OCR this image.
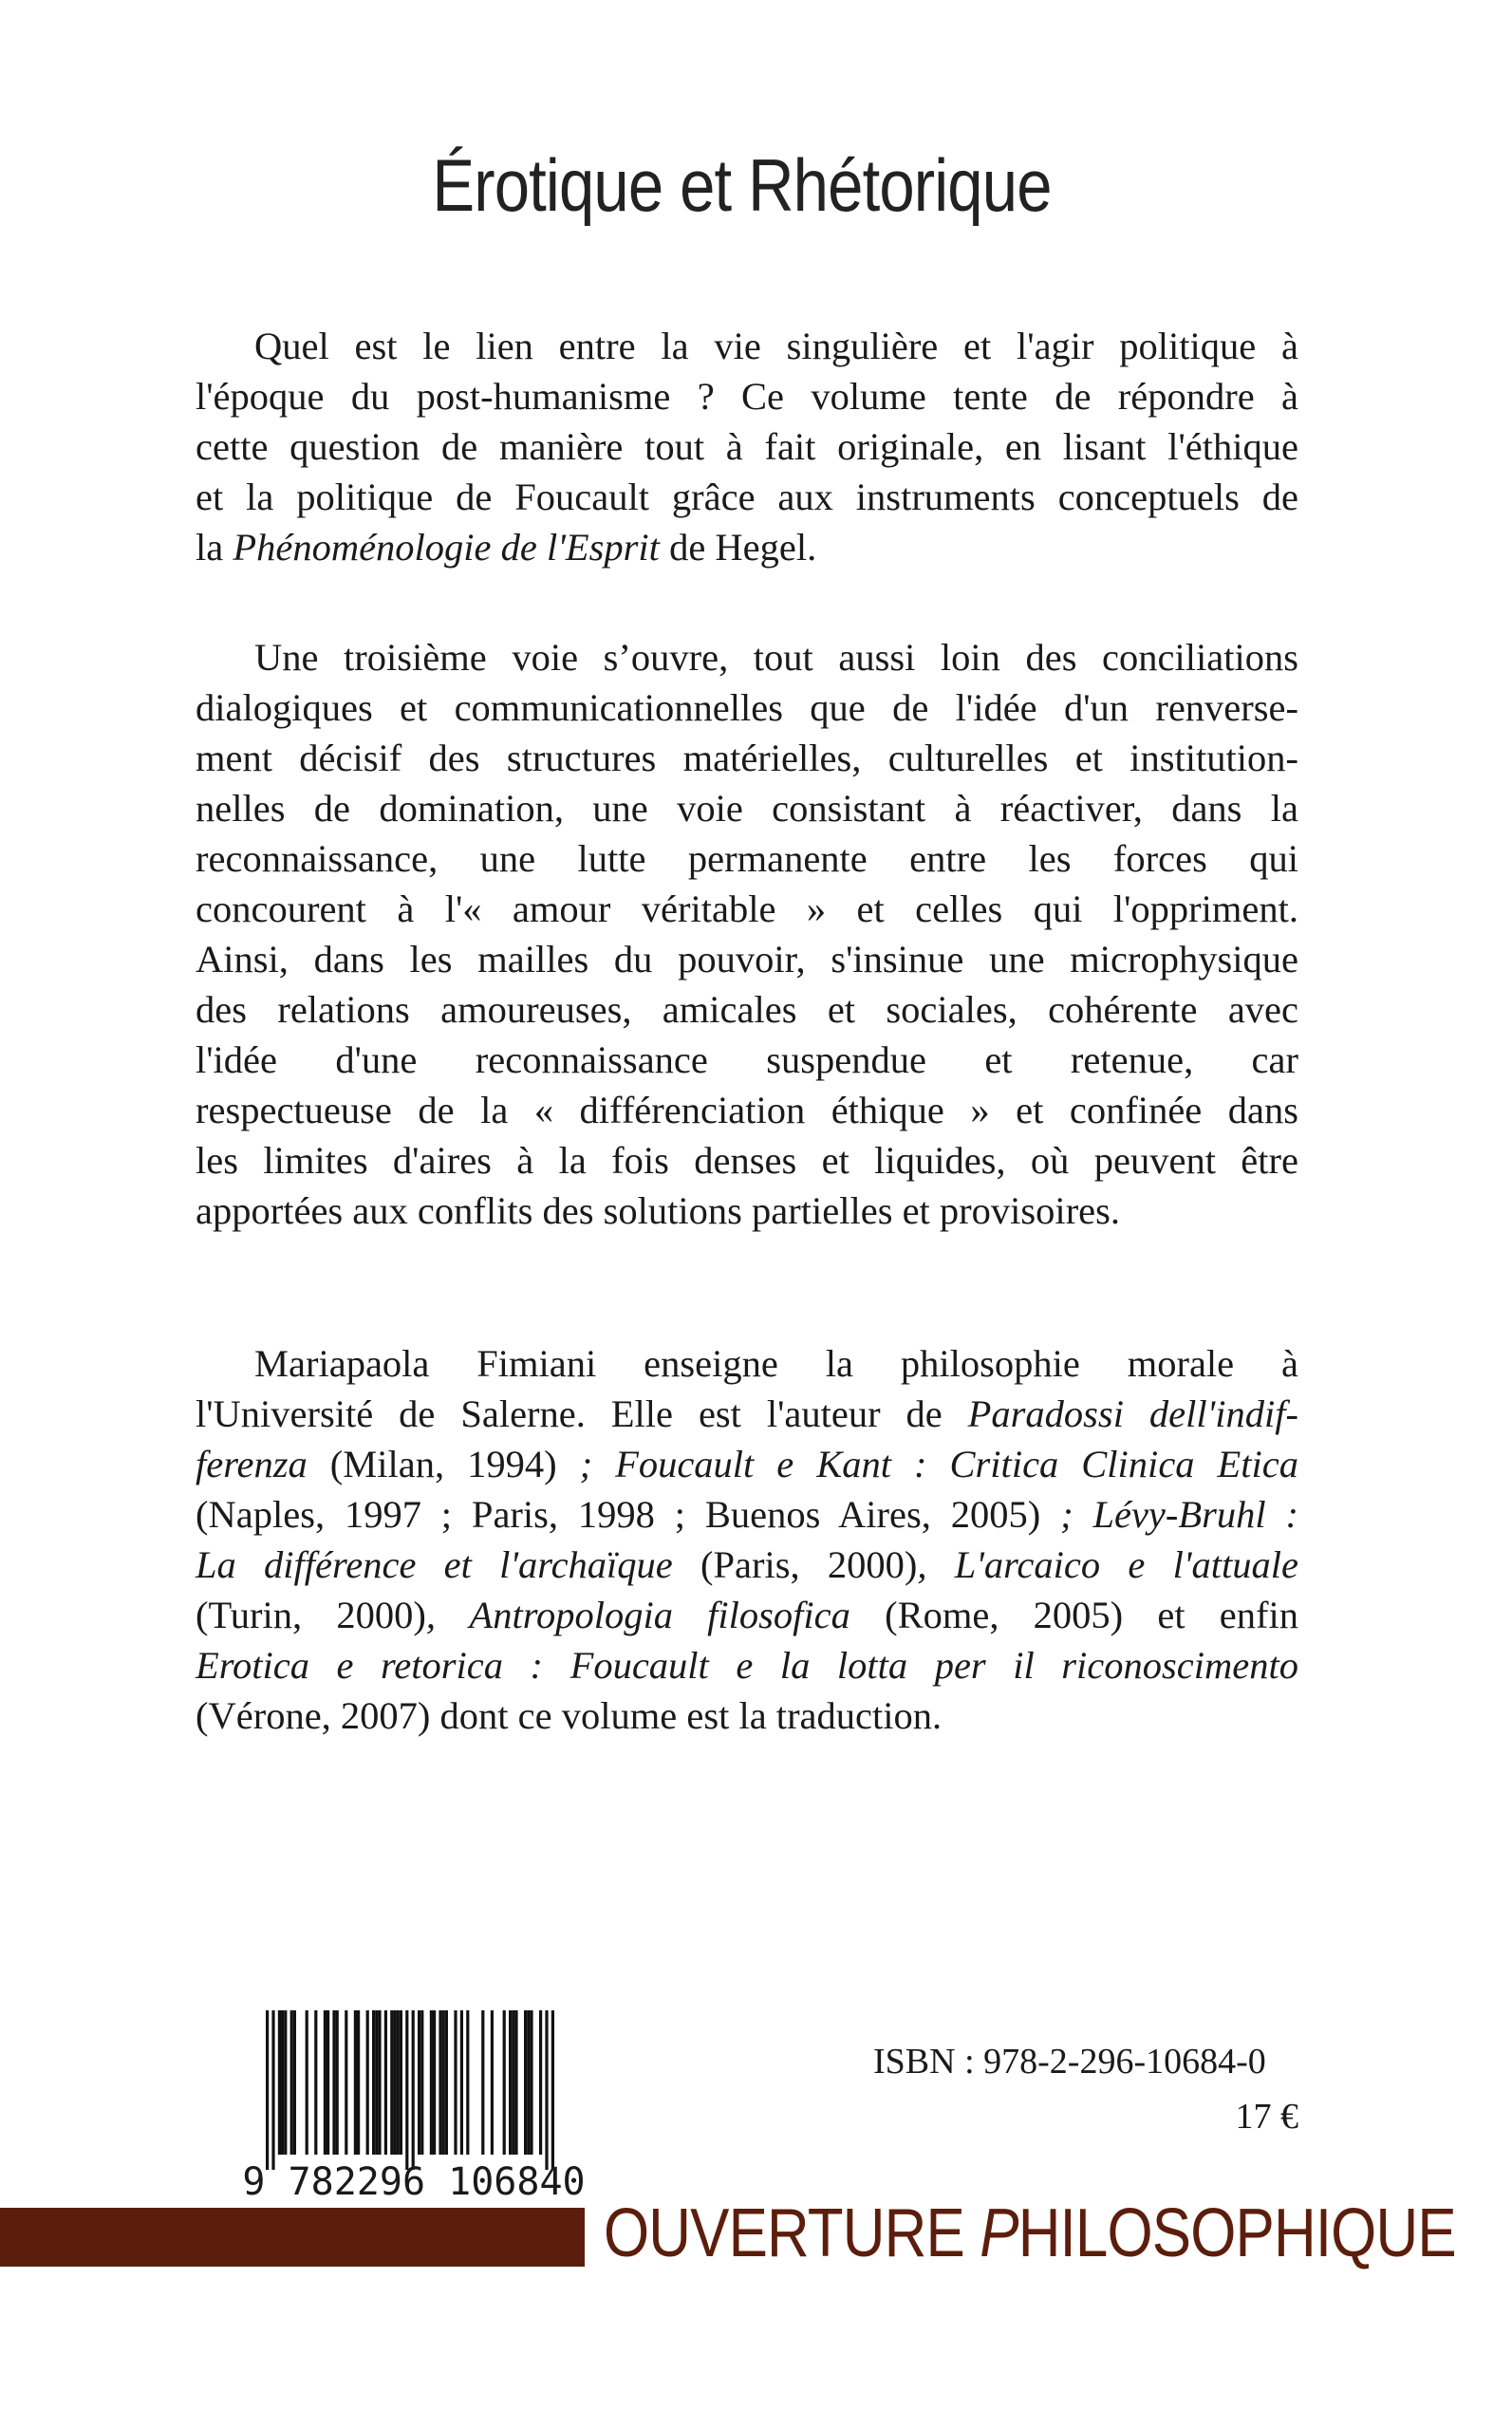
Érotique et Rhétorique
Quel est le lien entre la vie singulière et l'agir politique à
l'époque du post-humanisme ? Ce volume tente de répondre à
cette question de manière tout à fait originale, en lisant l'éthique
et la politique de Foucault grâce aux instruments conceptuels de
la Phénoménologie de l'Esprit de Hegel.
Une troisième voie s’ouvre, tout aussi loin des conciliations
dialogiques et communicationnelles que de l'idée d'un renverse-
ment décisif des structures matérielles, culturelles et institution-
nelles de domination, une voie consistant à réactiver, dans la
reconnaissance, une lutte permanente entre les forces qui
concourent à l'« amour véritable » et celles qui l'oppriment.
Ainsi, dans les mailles du pouvoir, s'insinue une microphysique
des relations amoureuses, amicales et sociales, cohérente avec
l'idée d'une reconnaissance suspendue et retenue, car
respectueuse de la « différenciation éthique » et confinée dans
les limites d'aires à la fois denses et liquides, où peuvent être
apportées aux conflits des solutions partielles et provisoires.
Mariapaola Fimiani enseigne la philosophie morale à
l'Université de Salerne. Elle est l'auteur de Paradossi dell'indif-
ferenza (Milan, 1994) ; Foucault e Kant : Critica Clinica Etica
(Naples, 1997 ; Paris, 1998 ; Buenos Aires, 2005) ; Lévy-Bruhl :
La différence et l'archaïque (Paris, 2000), L'arcaico e l'attuale
(Turin, 2000), Antropologia filosofica (Rome, 2005) et enfin
Erotica e retorica : Foucault e la lotta per il riconoscimento
(Vérone, 2007) dont ce volume est la traduction.
9 782296 106840
ISBN : 978-2-296-10684-0
17 €
OUVERTURE PHILOSOPHIQUE
